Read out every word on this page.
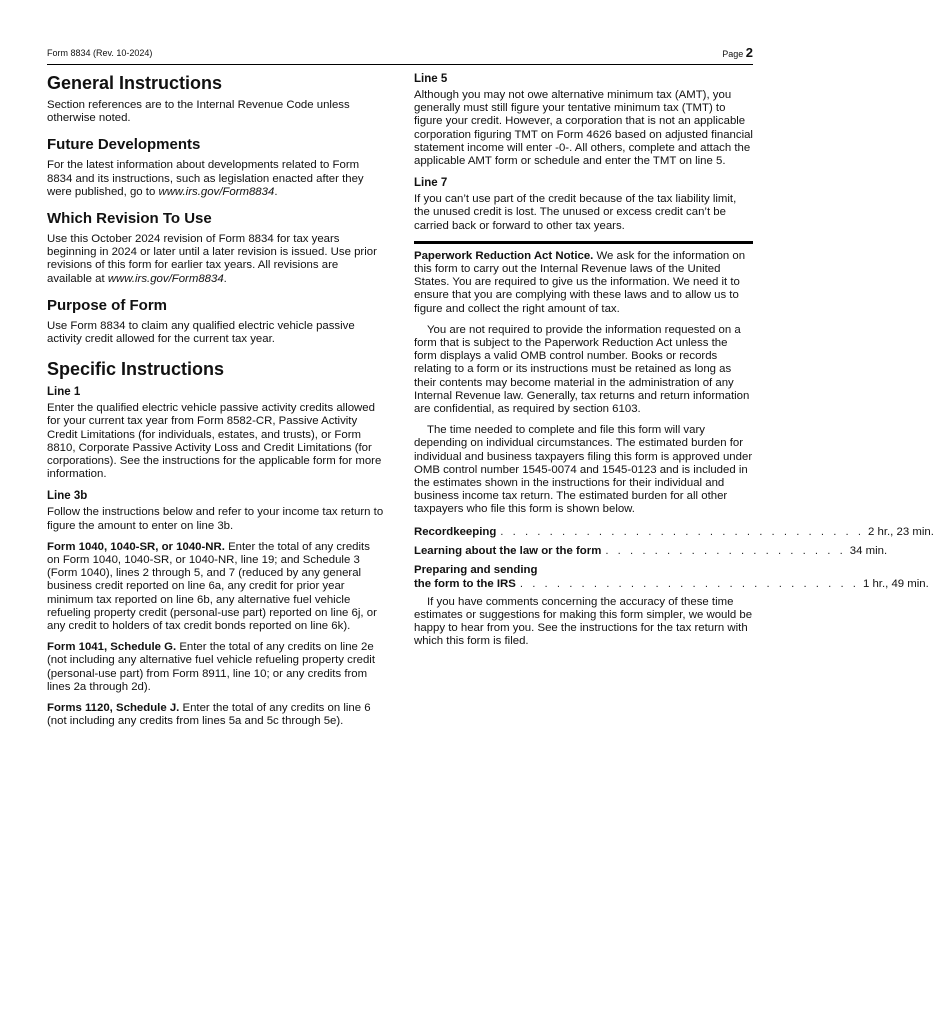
Form 8834 (Rev. 10-2024)	Page 2
General Instructions

Section references are to the Internal Revenue Code unless otherwise noted.

Future Developments

For the latest information about developments related to Form 8834 and its instructions, such as legislation enacted after they were published, go to www.irs.gov/Form8834.

Which Revision To Use

Use this October 2024 revision of Form 8834 for tax years beginning in 2024 or later until a later revision is issued. Use prior revisions of this form for earlier tax years. All revisions are available at www.irs.gov/Form8834.

Purpose of Form

Use Form 8834 to claim any qualified electric vehicle passive activity credit allowed for the current tax year.

Specific Instructions
Line 1

Enter the qualified electric vehicle passive activity credits allowed for your current tax year from Form 8582-CR, Passive Activity Credit Limitations (for individuals, estates, and trusts), or Form 8810, Corporate Passive Activity Loss and Credit Limitations (for corporations). See the instructions for the applicable form for more information.

Line 3b

Follow the instructions below and refer to your income tax return to figure the amount to enter on line 3b.

Form 1040, 1040-SR, or 1040-NR. Enter the total of any credits on Form 1040, 1040-SR, or 1040-NR, line 19; and Schedule 3 (Form 1040), lines 2 through 5, and 7 (reduced by any general business credit reported on line 6a, any credit for prior year minimum tax reported on line 6b, any alternative fuel vehicle refueling property credit (personal-use part) reported on line 6j, or any credit to holders of tax credit bonds reported on line 6k).

Form 1041, Schedule G. Enter the total of any credits on line 2e (not including any alternative fuel vehicle refueling property credit (personal-use part) from Form 8911, line 10; or any credits from lines 2a through 2d).

Forms 1120, Schedule J. Enter the total of any credits on line 6 (not including any credits from lines 5a and 5c through 5e).

Line 5

Although you may not owe alternative minimum tax (AMT), you generally must still figure your tentative minimum tax (TMT) to figure your credit. However, a corporation that is not an applicable corporation figuring TMT on Form 4626 based on adjusted financial statement income will enter -0-. All others, complete and attach the applicable AMT form or schedule and enter the TMT on line 5.

Line 7

If you can’t use part of the credit because of the tax liability limit, the unused credit is lost. The unused or excess credit can’t be carried back or forward to other tax years.

Paperwork Reduction Act Notice. We ask for the information on this form to carry out the Internal Revenue laws of the United States. You are required to give us the information. We need it to ensure that you are complying with these laws and to allow us to figure and collect the right amount of tax.

You are not required to provide the information requested on a form that is subject to the Paperwork Reduction Act unless the form displays a valid OMB control number. Books or records relating to a form or its instructions must be retained as long as their contents may become material in the administration of any Internal Revenue law. Generally, tax returns and return information are confidential, as required by section 6103.

The time needed to complete and file this form will vary depending on individual circumstances. The estimated burden for individual and business taxpayers filing this form is approved under OMB control number 1545-0074 and 1545-0123 and is included in the estimates shown in the instructions for their individual and business income tax return. The estimated burden for all other taxpayers who file this form is shown below.

Recordkeeping . . . . . . . . . . . . . . . . . . . . . . . . . . . . . . 2 hr., 23 min.
Learning about the law or the form . . . . . . . . . . . . . . . . . . . . 34 min.
Preparing and sending
the form to the IRS . . . . . . . . . . . . . . . . . . . . . . . . . . . . 1 hr., 49 min.

If you have comments concerning the accuracy of these time estimates or suggestions for making this form simpler, we would be happy to hear from you. See the instructions for the tax return with which this form is filed.
